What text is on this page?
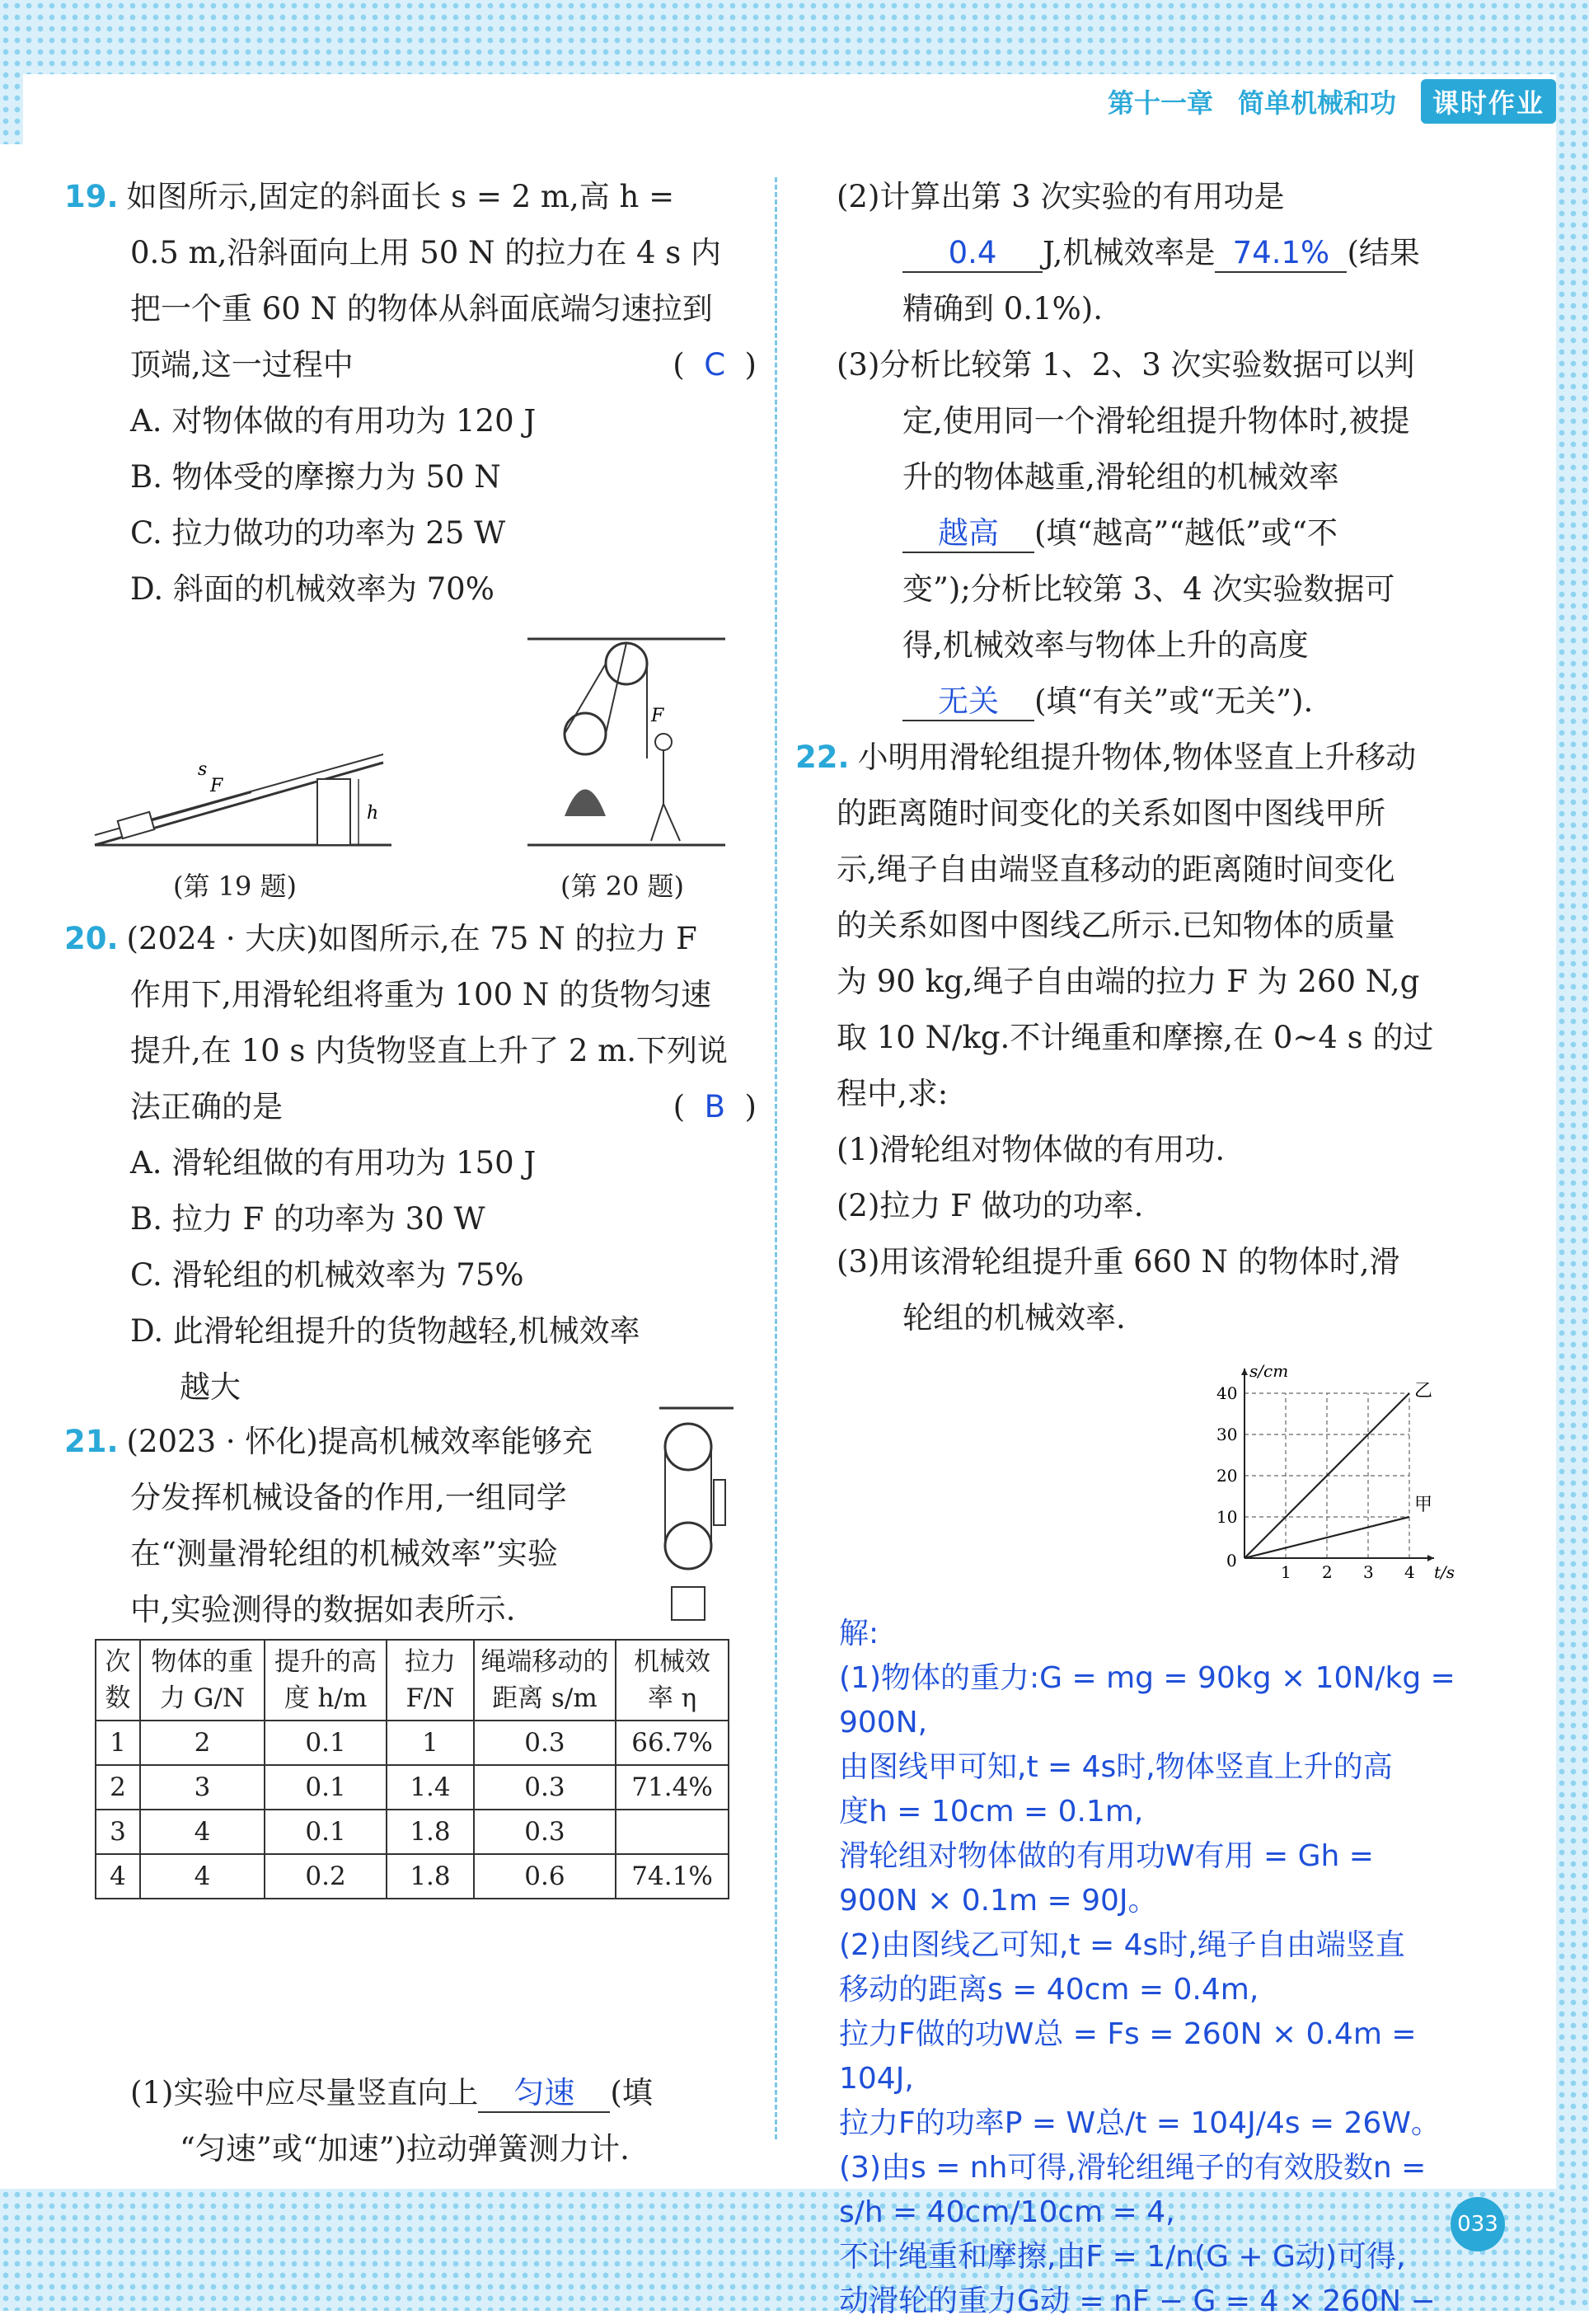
第十一章 简单机械和功	课时作业
19. 如图所示,固定的斜面长 s = 2 m,高 h =
0.5 m,沿斜面向上用 50 N 的拉力在 4 s 内
把一个重 60 N 的物体从斜面底端匀速拉到
顶端,这一过程中	(  C  )
A. 对物体做的有用功为 120 J
B. 物体受的摩擦力为 50 N
C. 拉力做功的功率为 25 W
D. 斜面的机械效率为 70%
h
F
s
(第 19 题)
F
(第 20 题)
20. (2024 · 大庆)如图所示,在 75 N 的拉力 F
作用下,用滑轮组将重为 100 N 的货物匀速
提升,在 10 s 内货物竖直上升了 2 m.下列说
法正确的是	(  B  )
A. 滑轮组做的有用功为 150 J
B. 拉力 F 的功率为 30 W
C. 滑轮组的机械效率为 75%
D. 此滑轮组提升的货物越轻,机械效率
越大
21. (2023 · 怀化)提高机械效率能够充
分发挥机械设备的作用,一组同学
在“测量滑轮组的机械效率”实验
中,实验测得的数据如表所示.
次数	物体的重力 G/N	提升的高度 h/m	拉力 F/N	绳端移动的距离 s/m	机械效率 η
1	2	0.1	1	0.3	66.7%
2	3	0.1	1.4	0.3	71.4%
3	4	0.1	1.8	0.3	
4	4	0.2	1.8	0.6	74.1%
(1)实验中应尽量竖直向上 匀速 (填
“匀速”或“加速”)拉动弹簧测力计.
(2)计算出第 3 次实验的有用功是
0.4 J,机械效率是 74.1% (结果
精确到 0.1%).
(3)分析比较第 1、2、3 次实验数据可以判
定,使用同一个滑轮组提升物体时,被提
升的物体越重,滑轮组的机械效率
越高 (填“越高”“越低”或“不
变”);分析比较第 3、4 次实验数据可
得,机械效率与物体上升的高度
无关 (填“有关”或“无关”).
22. 小明用滑轮组提升物体,物体竖直上升移动
的距离随时间变化的关系如图中图线甲所
示,绳子自由端竖直移动的距离随时间变化
的关系如图中图线乙所示.已知物体的质量
为 90 kg,绳子自由端的拉力 F 为 260 N,g
取 10 N/kg.不计绳重和摩擦,在 0~4 s 的过
程中,求:
(1)滑轮组对物体做的有用功.
(2)拉力 F 做功的功率.
(3)用该滑轮组提升重 660 N 的物体时,滑
轮组的机械效率.
1 2 3 4
10
20
30
40
0
t/s
s/cm
乙
甲
解:
(1)物体的重力:G = mg = 90kg × 10N/kg =
900N,
由图线甲可知,t = 4s时,物体竖直上升的高
度h = 10cm = 0.1m,
滑轮组对物体做的有用功W有用 = Gh =
900N × 0.1m = 90J。
(2)由图线乙可知,t = 4s时,绳子自由端竖直
移动的距离s = 40cm = 0.4m,
拉力F做的功W总 = Fs = 260N × 0.4m =
104J,
拉力F的功率P = W总/t = 104J/4s = 26W。
(3)由s = nh可得,滑轮组绳子的有效股数n =
s/h = 40cm/10cm = 4,
不计绳重和摩擦,由F = 1/n(G + G动)可得,
动滑轮的重力G动 = nF − G = 4 × 260N −
033
